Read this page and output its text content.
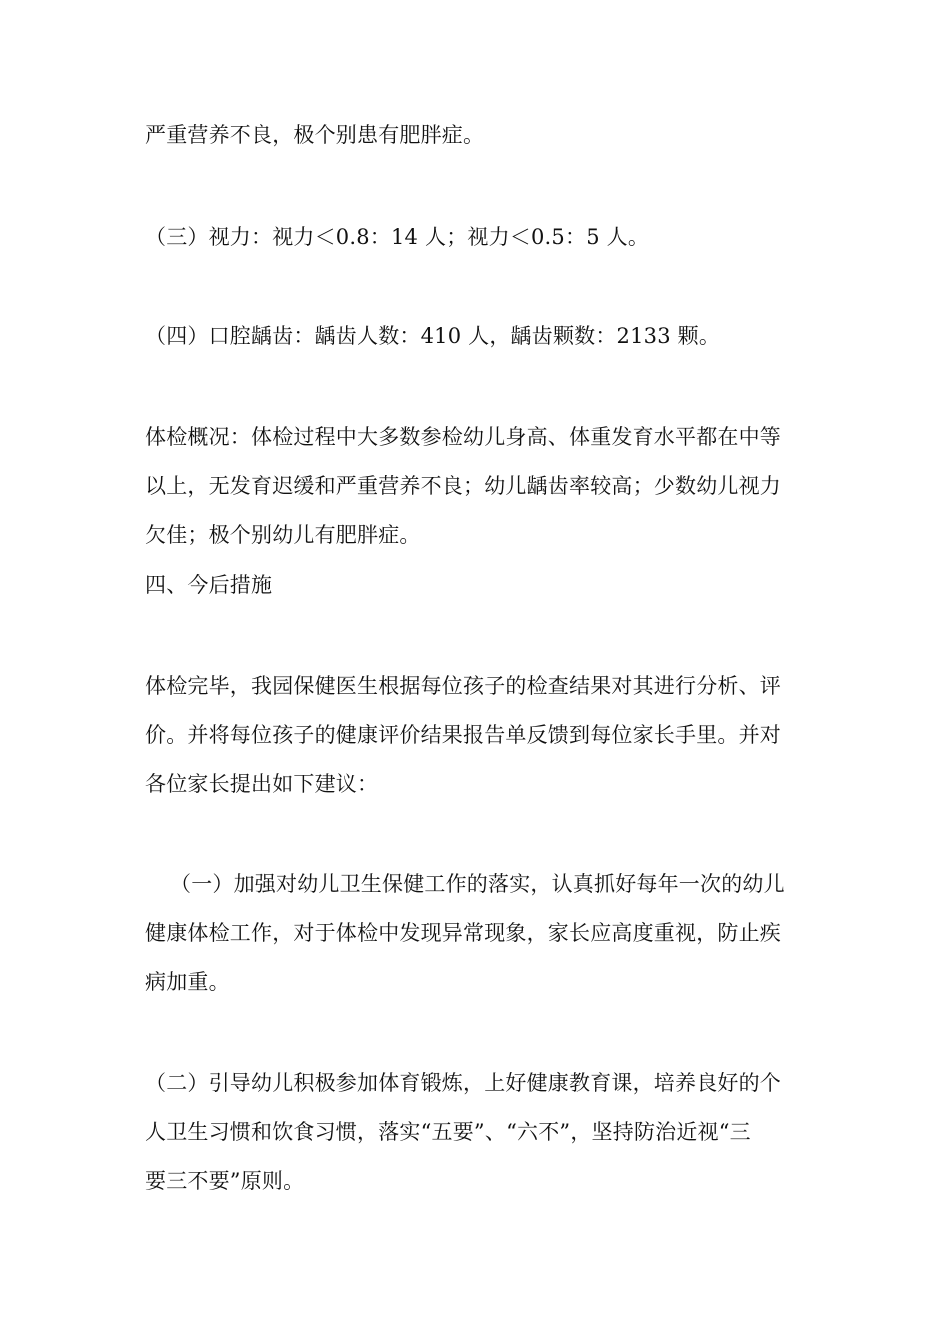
严重营养不良，极个别患有肥胖症。
（三）视力：视力＜0.8：14 人；视力＜0.5：5 人。
（四）口腔龋齿：龋齿人数：410 人，龋齿颗数：2133 颗。
体检概况：体检过程中大多数参检幼儿身高、体重发育水平都在中等
以上，无发育迟缓和严重营养不良；幼儿龋齿率较高；少数幼儿视力
欠佳；极个别幼儿有肥胖症。
四、今后措施
体检完毕，我园保健医生根据每位孩子的检查结果对其进行分析、评
价。并将每位孩子的健康评价结果报告单反馈到每位家长手里。并对
各位家长提出如下建议：
（一）加强对幼儿卫生保健工作的落实，认真抓好每年一次的幼儿
健康体检工作，对于体检中发现异常现象，家长应高度重视，防止疾
病加重。
（二）引导幼儿积极参加体育锻炼，上好健康教育课，培养良好的个
人卫生习惯和饮食习惯，落实“五要”、“六不”，坚持防治近视“三
要三不要”原则。
